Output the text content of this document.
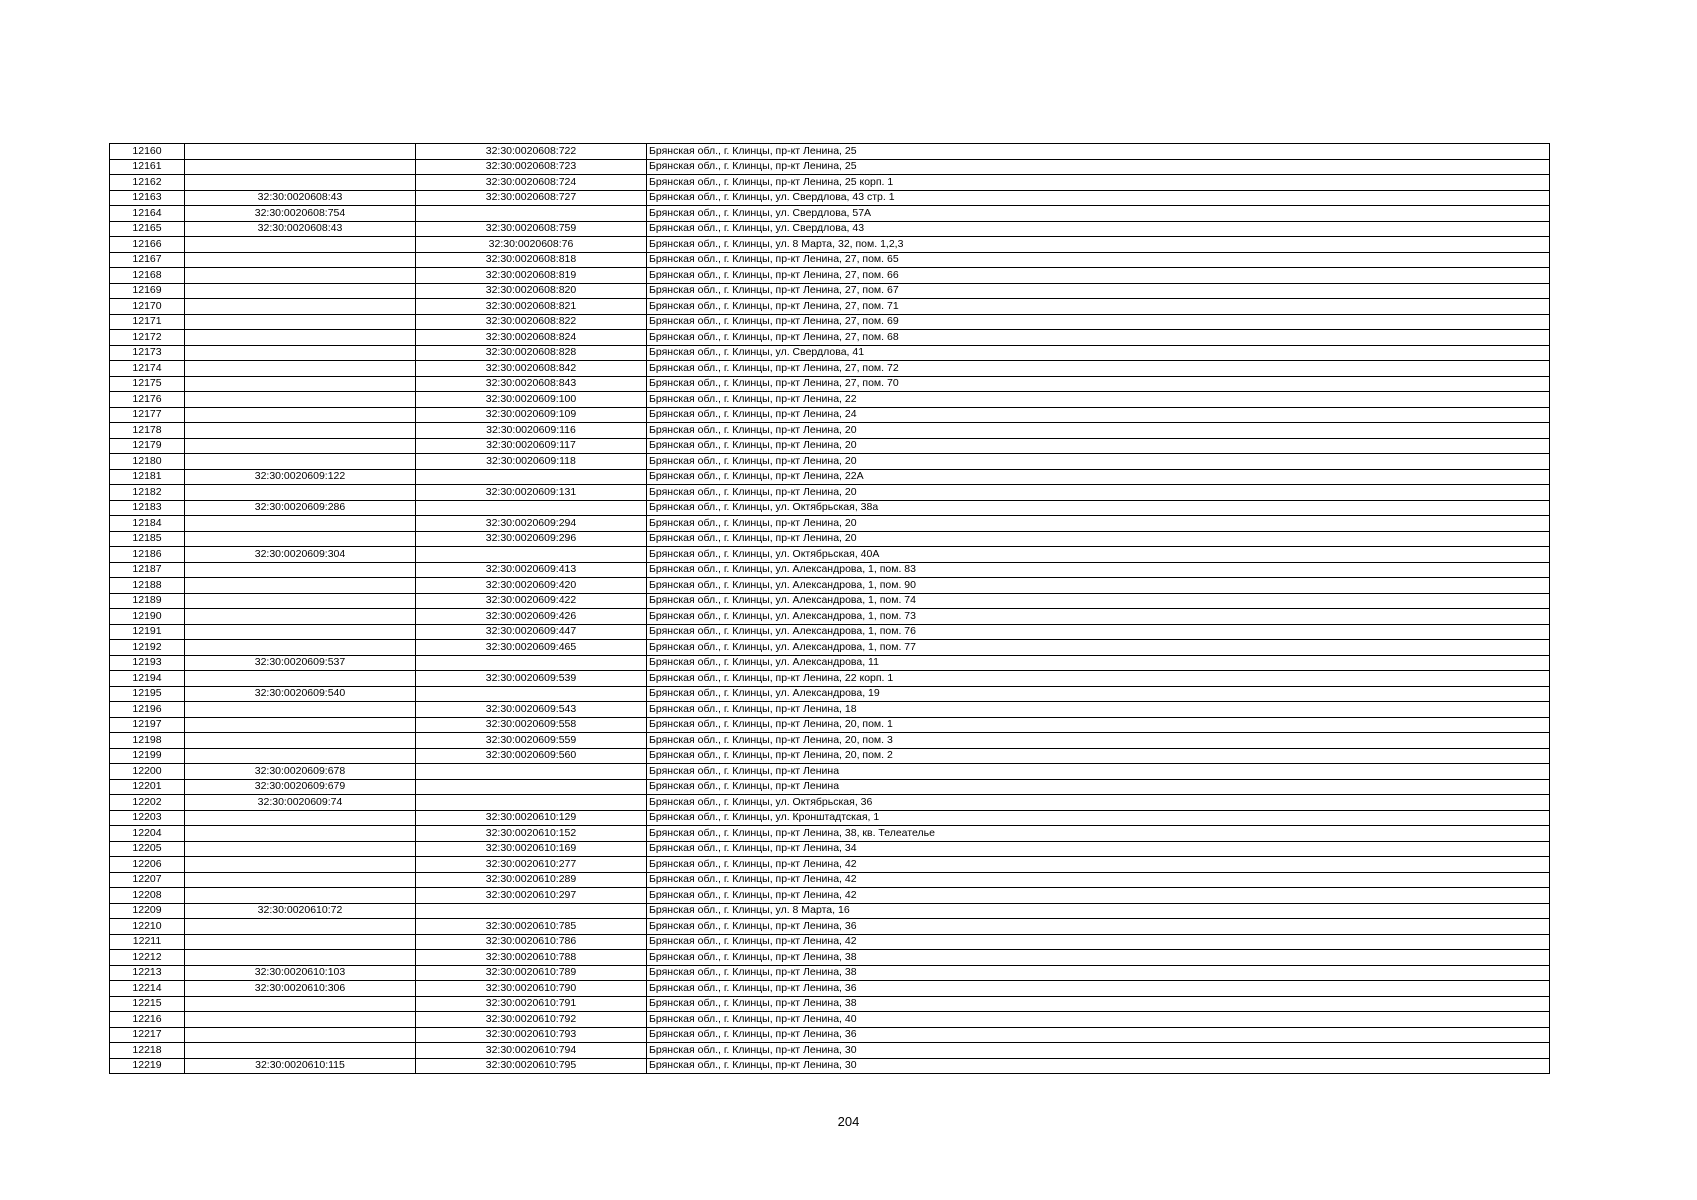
12160		32:30:0020608:722	Брянская обл., г. Клинцы, пр-кт Ленина, 25
12161		32:30:0020608:723	Брянская обл., г. Клинцы, пр-кт Ленина, 25
12162		32:30:0020608:724	Брянская обл., г. Клинцы, пр-кт Ленина, 25 корп. 1
12163	32:30:0020608:43	32:30:0020608:727	Брянская обл., г. Клинцы, ул. Свердлова, 43 стр. 1
12164	32:30:0020608:754		Брянская обл., г. Клинцы, ул. Свердлова, 57А
12165	32:30:0020608:43	32:30:0020608:759	Брянская обл., г. Клинцы, ул. Свердлова, 43
12166		32:30:0020608:76	Брянская обл., г. Клинцы, ул. 8 Марта, 32, пом. 1,2,3
12167		32:30:0020608:818	Брянская обл., г. Клинцы, пр-кт Ленина, 27, пом. 65
12168		32:30:0020608:819	Брянская обл., г. Клинцы, пр-кт Ленина, 27, пом. 66
12169		32:30:0020608:820	Брянская обл., г. Клинцы, пр-кт Ленина, 27, пом. 67
12170		32:30:0020608:821	Брянская обл., г. Клинцы, пр-кт Ленина, 27, пом. 71
12171		32:30:0020608:822	Брянская обл., г. Клинцы, пр-кт Ленина, 27, пом. 69
12172		32:30:0020608:824	Брянская обл., г. Клинцы, пр-кт Ленина, 27, пом. 68
12173		32:30:0020608:828	Брянская обл., г. Клинцы, ул. Свердлова, 41
12174		32:30:0020608:842	Брянская обл., г. Клинцы, пр-кт Ленина, 27, пом. 72
12175		32:30:0020608:843	Брянская обл., г. Клинцы, пр-кт Ленина, 27, пом. 70
12176		32:30:0020609:100	Брянская обл., г. Клинцы, пр-кт Ленина, 22
12177		32:30:0020609:109	Брянская обл., г. Клинцы, пр-кт Ленина, 24
12178		32:30:0020609:116	Брянская обл., г. Клинцы, пр-кт Ленина, 20
12179		32:30:0020609:117	Брянская обл., г. Клинцы, пр-кт Ленина, 20
12180		32:30:0020609:118	Брянская обл., г. Клинцы, пр-кт Ленина, 20
12181	32:30:0020609:122		Брянская обл., г. Клинцы, пр-кт Ленина, 22А
12182		32:30:0020609:131	Брянская обл., г. Клинцы, пр-кт Ленина, 20
12183	32:30:0020609:286		Брянская обл., г. Клинцы, ул. Октябрьская, 38а
12184		32:30:0020609:294	Брянская обл., г. Клинцы, пр-кт Ленина, 20
12185		32:30:0020609:296	Брянская обл., г. Клинцы, пр-кт Ленина, 20
12186	32:30:0020609:304		Брянская обл., г. Клинцы, ул. Октябрьская, 40А
12187		32:30:0020609:413	Брянская обл., г. Клинцы, ул. Александрова, 1, пом. 83
12188		32:30:0020609:420	Брянская обл., г. Клинцы, ул. Александрова, 1, пом. 90
12189		32:30:0020609:422	Брянская обл., г. Клинцы, ул. Александрова, 1, пом. 74
12190		32:30:0020609:426	Брянская обл., г. Клинцы, ул. Александрова, 1, пом. 73
12191		32:30:0020609:447	Брянская обл., г. Клинцы, ул. Александрова, 1, пом. 76
12192		32:30:0020609:465	Брянская обл., г. Клинцы, ул. Александрова, 1, пом. 77
12193	32:30:0020609:537		Брянская обл., г. Клинцы, ул. Александрова, 11
12194		32:30:0020609:539	Брянская обл., г. Клинцы, пр-кт Ленина, 22 корп. 1
12195	32:30:0020609:540		Брянская обл., г. Клинцы, ул. Александрова, 19
12196		32:30:0020609:543	Брянская обл., г. Клинцы, пр-кт Ленина, 18
12197		32:30:0020609:558	Брянская обл., г. Клинцы, пр-кт Ленина, 20, пом. 1
12198		32:30:0020609:559	Брянская обл., г. Клинцы, пр-кт Ленина, 20, пом. 3
12199		32:30:0020609:560	Брянская обл., г. Клинцы, пр-кт Ленина, 20, пом. 2
12200	32:30:0020609:678		Брянская обл., г. Клинцы, пр-кт Ленина
12201	32:30:0020609:679		Брянская обл., г. Клинцы, пр-кт Ленина
12202	32:30:0020609:74		Брянская обл., г. Клинцы, ул. Октябрьская, 36
12203		32:30:0020610:129	Брянская обл., г. Клинцы, ул. Кронштадтская, 1
12204		32:30:0020610:152	Брянская обл., г. Клинцы, пр-кт Ленина, 38, кв. Телеателье
12205		32:30:0020610:169	Брянская обл., г. Клинцы, пр-кт Ленина, 34
12206		32:30:0020610:277	Брянская обл., г. Клинцы, пр-кт Ленина, 42
12207		32:30:0020610:289	Брянская обл., г. Клинцы, пр-кт Ленина, 42
12208		32:30:0020610:297	Брянская обл., г. Клинцы, пр-кт Ленина, 42
12209	32:30:0020610:72		Брянская обл., г. Клинцы, ул. 8 Марта, 16
12210		32:30:0020610:785	Брянская обл., г. Клинцы, пр-кт Ленина, 36
12211		32:30:0020610:786	Брянская обл., г. Клинцы, пр-кт Ленина, 42
12212		32:30:0020610:788	Брянская обл., г. Клинцы, пр-кт Ленина, 38
12213	32:30:0020610:103	32:30:0020610:789	Брянская обл., г. Клинцы, пр-кт Ленина, 38
12214	32:30:0020610:306	32:30:0020610:790	Брянская обл., г. Клинцы, пр-кт Ленина, 36
12215		32:30:0020610:791	Брянская обл., г. Клинцы, пр-кт Ленина, 38
12216		32:30:0020610:792	Брянская обл., г. Клинцы, пр-кт Ленина, 40
12217		32:30:0020610:793	Брянская обл., г. Клинцы, пр-кт Ленина, 36
12218		32:30:0020610:794	Брянская обл., г. Клинцы, пр-кт Ленина, 30
12219	32:30:0020610:115	32:30:0020610:795	Брянская обл., г. Клинцы, пр-кт Ленина, 30
204
